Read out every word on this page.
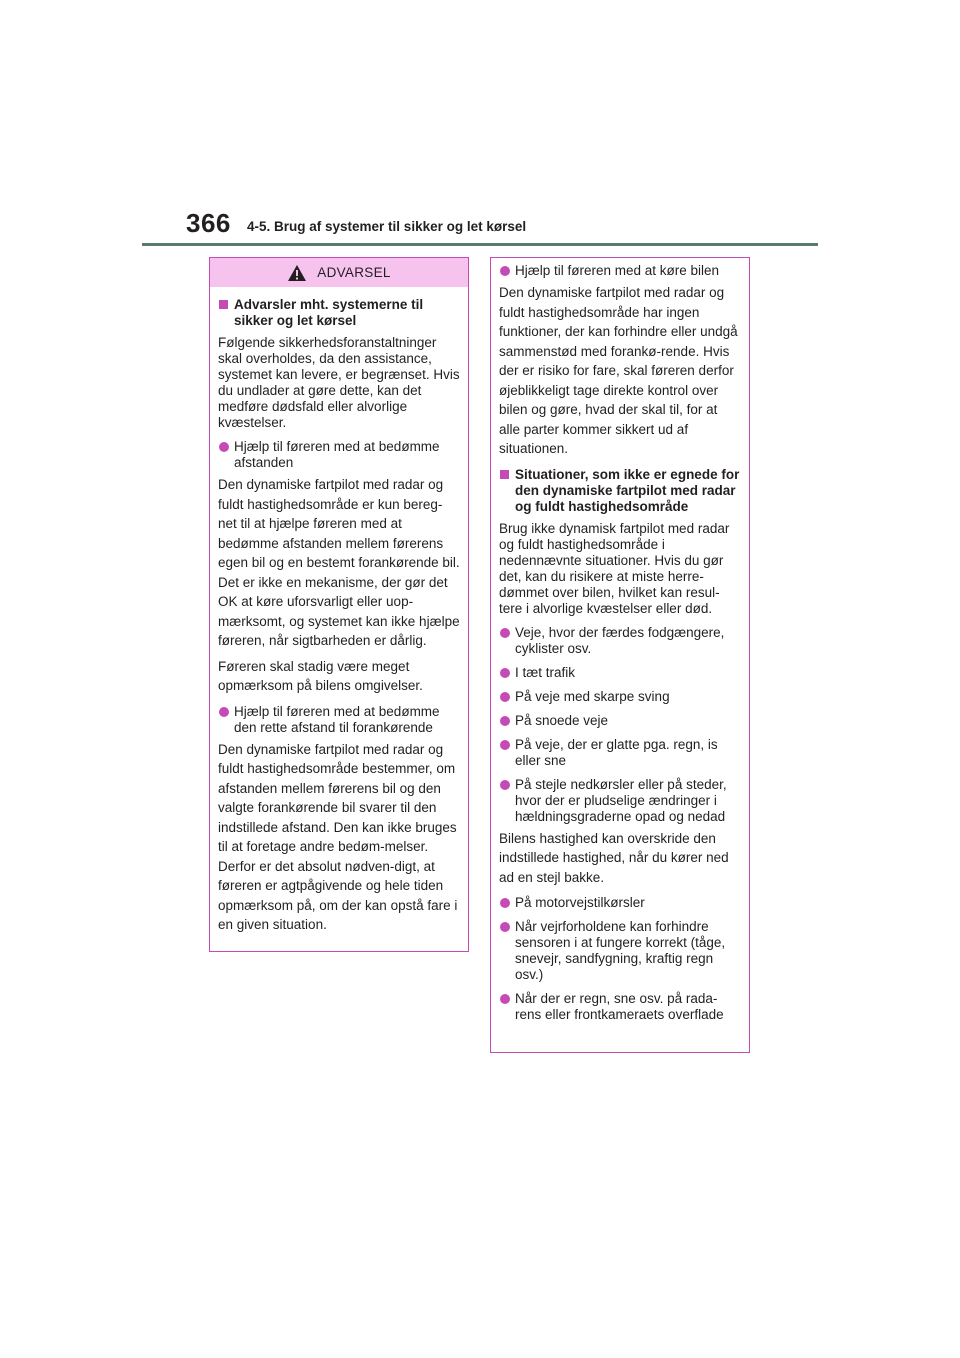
366 4-5. Brug af systemer til sikker og let kørsel
ADVARSEL
Advarsler mht. systemerne til sikker og let kørsel

Følgende sikkerhedsforanstaltninger skal overholdes, da den assistance, systemet kan levere, er begrænset. Hvis du undlader at gøre dette, kan det medføre dødsfald eller alvorlige kvæstelser.

Hjælp til føreren med at bedømme afstanden

Den dynamiske fartpilot med radar og fuldt hastighedsområde er kun bereg-net til at hjælpe føreren med at bedømme afstanden mellem førerens egen bil og en bestemt forankørende bil. Det er ikke en mekanisme, der gør det OK at køre uforsvarligt eller uop-mærksomt, og systemet kan ikke hjælpe føreren, når sigtbarheden er dårlig.

Føreren skal stadig være meget opmærksom på bilens omgivelser.

Hjælp til føreren med at bedømme den rette afstand til forankørende

Den dynamiske fartpilot med radar og fuldt hastighedsområde bestemmer, om afstanden mellem førerens bil og den valgte forankørende bil svarer til den indstillede afstand. Den kan ikke bruges til at foretage andre bedøm-melser. Derfor er det absolut nødven-digt, at føreren er agtpågivende og hele tiden opmærksom på, om der kan opstå fare i en given situation.

Hjælp til føreren med at køre bilen

Den dynamiske fartpilot med radar og fuldt hastighedsområde har ingen funktioner, der kan forhindre eller undgå sammenstød med forankø-rende. Hvis der er risiko for fare, skal føreren derfor øjeblikkeligt tage direkte kontrol over bilen og gøre, hvad der skal til, for at alle parter kommer sikkert ud af situationen.

Situationer, som ikke er egnede for den dynamiske fartpilot med radar og fuldt hastighedsområde

Brug ikke dynamisk fartpilot med radar og fuldt hastighedsområde i nedennævnte situationer. Hvis du gør det, kan du risikere at miste herre-dømmet over bilen, hvilket kan resul-tere i alvorlige kvæstelser eller død.

Veje, hvor der færdes fodgængere, cyklister osv.
I tæt trafik
På veje med skarpe sving
På snoede veje
På veje, der er glatte pga. regn, is eller sne
På stejle nedkørsler eller på steder, hvor der er pludselige ændringer i hældningsgraderne opad og nedad

Bilens hastighed kan overskride den indstillede hastighed, når du kører ned ad en stejl bakke.

På motorvejstilkørsler
Når vejrforholdene kan forhindre sensoren i at fungere korrekt (tåge, snevejr, sandfygning, kraftig regn osv.)
Når der er regn, sne osv. på rada-rens eller frontkameraets overflade
